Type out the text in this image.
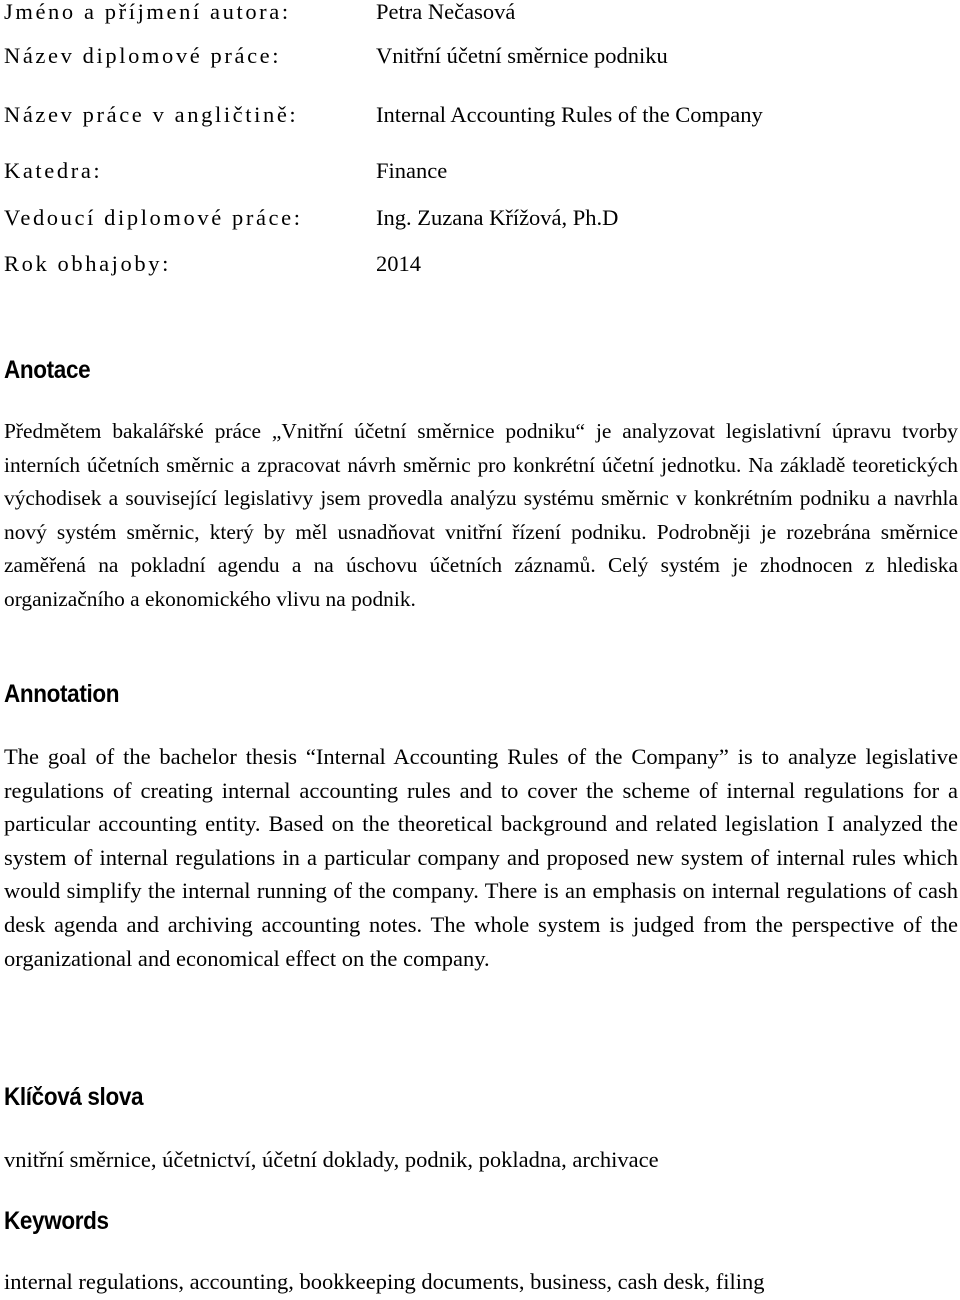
Jméno a příjmení autora:	Petra Nečasová
Název diplomové práce:	Vnitřní účetní směrnice podniku
Název práce v angličtině:	Internal Accounting Rules of the Company
Katedra:	Finance
Vedoucí diplomové práce:	Ing. Zuzana Křížová, Ph.D
Rok obhajoby:	2014
Anotace

Předmětem bakalářské práce „Vnitřní účetní směrnice podniku“ je analyzovat legislativní úpravu tvorby interních účetních směrnic a zpracovat návrh směrnic pro konkrétní účetní jednotku. Na základě teoretických východisek a související legislativy jsem provedla analýzu systému směrnic v konkrétním podniku a navrhla nový systém směrnic, který by měl usnadňovat vnitřní řízení podniku. Podrobněji je rozebrána směrnice zaměřená na pokladní agendu a na úschovu účetních záznamů. Celý systém je zhodnocen z hlediska organizačního a ekonomického vlivu na podnik.

Annotation

The goal of the bachelor thesis “Internal Accounting Rules of the Company” is to analyze legislative regulations of creating internal accounting rules and to cover the scheme of internal regulations for a particular accounting entity. Based on the theoretical background and related legislation I analyzed the system of internal regulations in a particular company and proposed new system of internal rules which would simplify the internal running of the company. There is an emphasis on internal regulations of cash desk agenda and archiving accounting notes. The whole system is judged from the perspective of the organizational and economical effect on the company.

Klíčová slova

vnitřní směrnice, účetnictví, účetní doklady, podnik, pokladna, archivace

Keywords

internal regulations, accounting, bookkeeping documents, business, cash desk, filing
